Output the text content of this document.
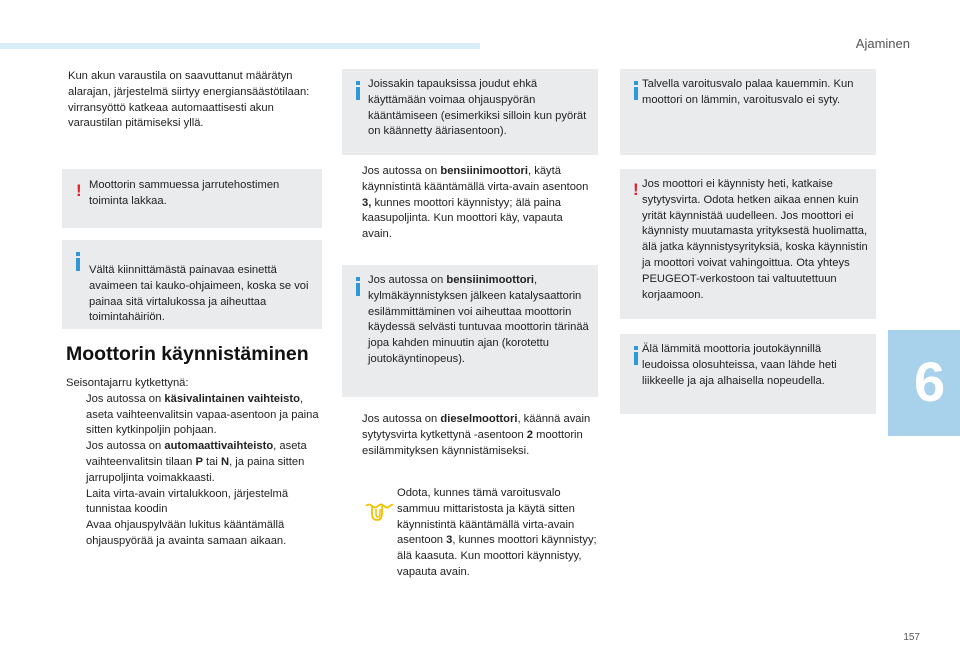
Ajaminen
6
157
Kun akun varaustila on saavuttanut määrätyn alarajan, järjestelmä siirtyy energiansäästötilaan: virransyöttö katkeaa automaattisesti akun varaustilan pitämiseksi yllä.
! Moottorin sammuessa jarrutehostimen toiminta lakkaa.
Vältä kiinnittämästä painavaa esinettä avaimeen tai kauko-ohjaimeen, koska se voi painaa sitä virtalukossa ja aiheuttaa toimintahäiriön.
Moottorin käynnistäminen
Seisontajarru kytkettynä:
Jos autossa on käsivalintainen vaihteisto, aseta vaihteenvalitsin vapaa-asentoon ja paina sitten kytkinpoljin pohjaan.
Jos autossa on automaattivaihteisto, aseta vaihteenvalitsin tilaan P tai N, ja paina sitten jarrupoljinta voimakkaasti.
Laita virta-avain virtalukkoon, järjestelmä tunnistaa koodin
Avaa ohjauspylvään lukitus kääntämällä ohjauspyörää ja avainta samaan aikaan.
Joissakin tapauksissa joudut ehkä käyttämään voimaa ohjauspyörän kääntämiseen (esimerkiksi silloin kun pyörät on käännetty ääriasentoon).
Jos autossa on bensiinimoottori, käytä käynnistintä kääntämällä virta-avain asentoon 3, kunnes moottori käynnistyy; älä paina kaasupoljinta. Kun moottori käy, vapauta avain.
Jos autossa on bensiinimoottori, kylmäkäynnistyksen jälkeen katalysaattorin esilämmittäminen voi aiheuttaa moottorin käydessä selvästi tuntuvaa moottorin tärinää jopa kahden minuutin ajan (korotettu joutokäyntinopeus).
Jos autossa on dieselmoottori, käännä avain sytytysvirta kytkettynä -asentoon 2 moottorin esilämmityksen käynnistämiseksi.
Odota, kunnes tämä varoitusvalo sammuu mittaristosta ja käytä sitten käynnistintä kääntämällä virta-avain asentoon 3, kunnes moottori käynnistyy; älä kaasuta. Kun moottori käynnistyy, vapauta avain.
Talvella varoitusvalo palaa kauemmin. Kun moottori on lämmin, varoitusvalo ei syty.
! Jos moottori ei käynnisty heti, katkaise sytytysvirta. Odota hetken aikaa ennen kuin yrität käynnistää uudelleen. Jos moottori ei käynnisty muutamasta yrityksestä huolimatta, älä jatka käynnistysyrityksiä, koska käynnistin ja moottori voivat vahingoittua. Ota yhteys PEUGEOT-verkostoon tai valtuutettuun korjaamoon.
Älä lämmitä moottoria joutokäynnillä leudoissa olosuhteissa, vaan lähde heti liikkeelle ja aja alhaisella nopeudella.
